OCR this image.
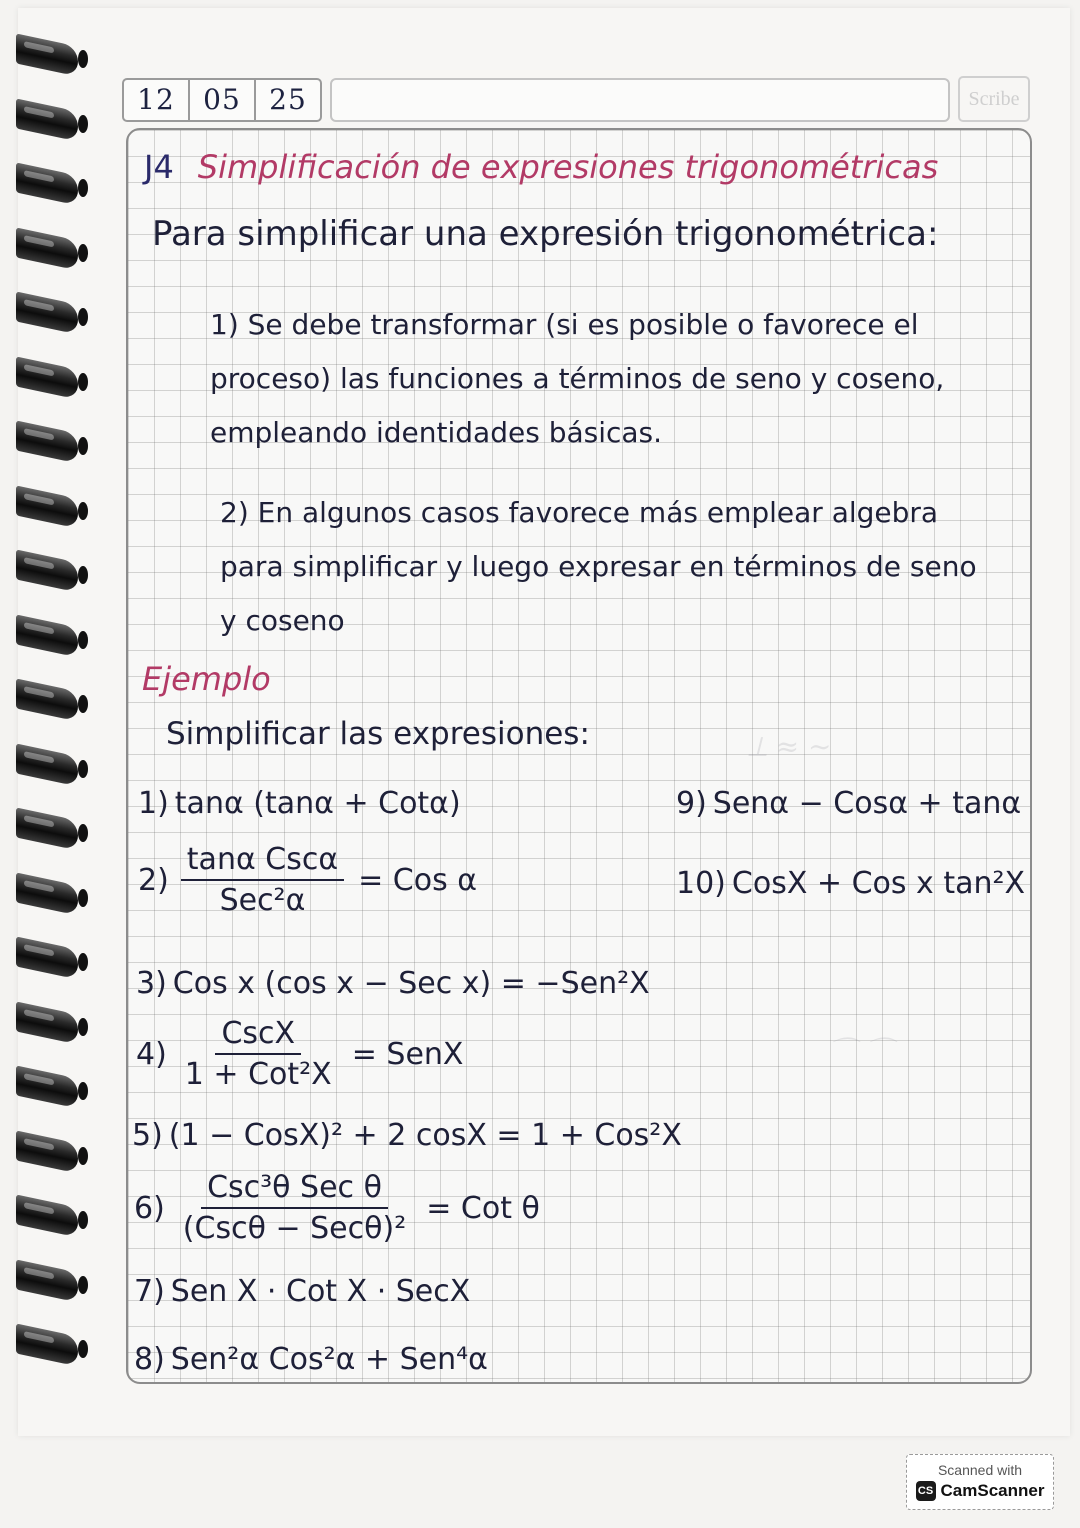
12	05	25	Scribe
⟂ ≈ ∼
⌒ ⌒
J4 Simplificación de expresiones trigonométricas
Para simplificar una expresión trigonométrica:
1) Se debe transformar (si es posible o favorece el proceso) las funciones a términos de seno y coseno, empleando identidades básicas.
2) En algunos casos favorece más emplear algebra para simplificar y luego expresar en términos de seno y coseno
Ejemplo
Simplificar las expresiones:
1) tanα (tanα + Cotα)
$2) \frac{\text{tanα Cscα}}{\text{Sec²α}}$ = Cos α
3) Cos x (cos x − Sec x) = −Sen²X
$4) \frac{\text{CscX}}{\text{1 + Cot²X}}$ = SenX
5) (1 − CosX)² + 2 cosX = 1 + Cos²X
$6) \frac{\text{Csc³θ Sec θ}}{\text{(Cscθ − Secθ)²}}$ = Cot θ
7) Sen X · Cot X · SecX
8) Sen²α Cos²α + Sen⁴α
9) Senα − Cosα + tanα
10) CosX + Cos x tan²X
Scanned with
CS CamScanner
